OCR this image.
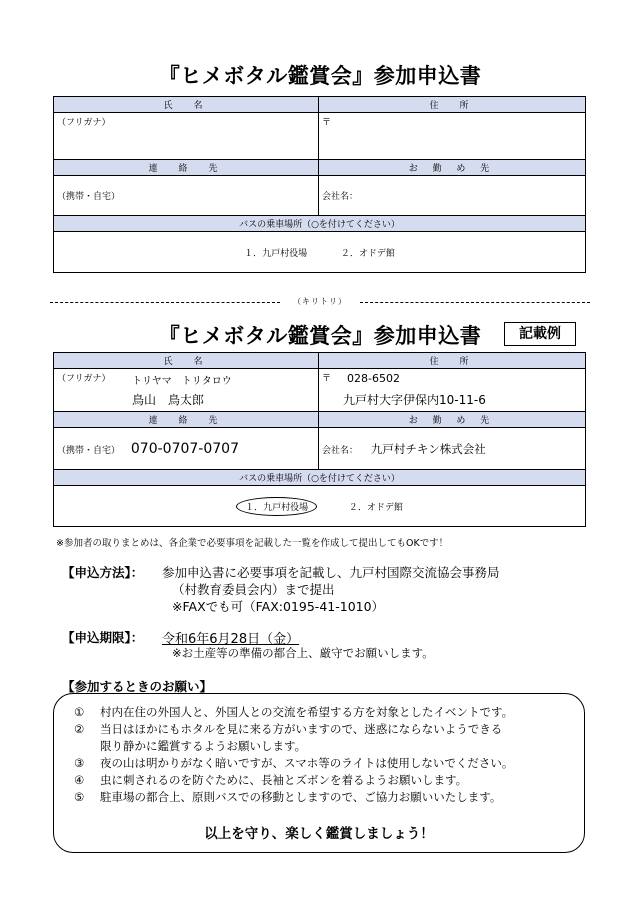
『ヒメボタル鑑賞会』参加申込書
氏　名	住　所
（フリガナ）	〒
連　絡　先	お 勤 め 先
（携帯・自宅）	会社名：
バスの乗車場所（○を付けてください）	
１．九戸村役場 ２．オドデ館	
（キリトリ）
『ヒメボタル鑑賞会』参加申込書	記載例
氏　名	住　所
（フリガナ） トリヤマ　トリタロウ
鳥山　鳥太郎	〒 028-6502
九戸村大字伊保内10-11-6

連　絡　先	お 勤 め 先
（携帯・自宅） 070-0707-0707	会社名： 九戸村チキン株式会社
バスの乗車場所（○を付けてください）	
１．九戸村役場 ２．オドデ館	
※参加者の取りまとめは、各企業で必要事項を記載した一覧を作成して提出してもOKです！
【申込方法】： 参加申込書に必要事項を記載し、九戸村国際交流協会事務局
（村教育委員会内）まで提出
※FAXでも可（FAX:0195-41-1010）
【申込期限】： 令和6年6月28日（金）
※お土産等の準備の都合上、厳守でお願いします。
【参加するときのお願い】
① 村内在住の外国人と、外国人との交流を希望する方を対象としたイベントです。
② 当日はほかにもホタルを見に来る方がいますので、迷惑にならないようできる
限り静かに鑑賞するようお願いします。
③ 夜の山は明かりがなく暗いですが、スマホ等のライトは使用しないでください。
④ 虫に刺されるのを防ぐために、長袖とズボンを着るようお願いします。
⑤ 駐車場の都合上、原則バスでの移動としますので、ご協力お願いいたします。
以上を守り、楽しく鑑賞しましょう！
